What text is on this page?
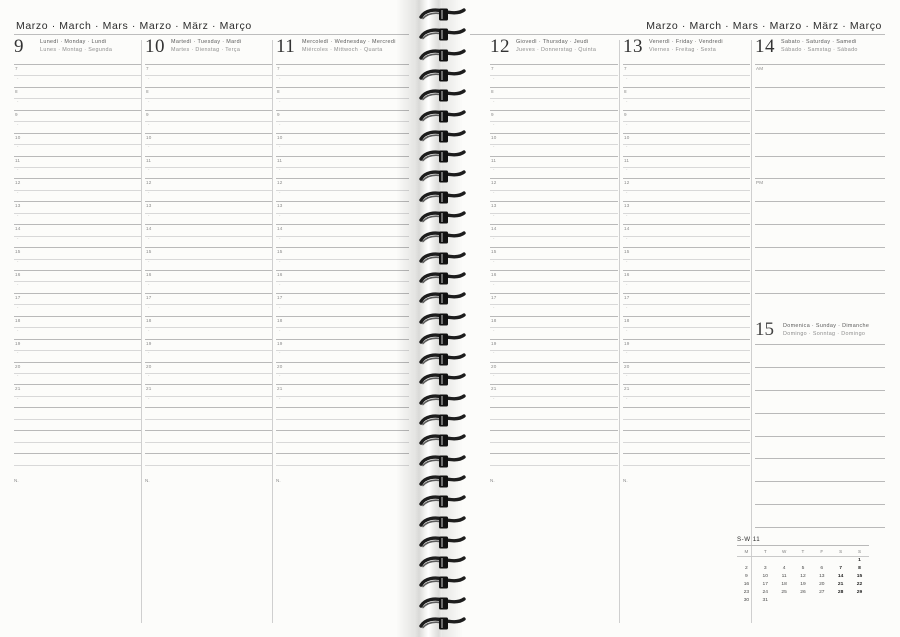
Marzo · March · Mars · Marzo · März · Março	Marzo · March · Mars · Marzo · März · Março
9	Lunedì · Monday · Lundi
Lunes · Montag · Segunda
7
·
8
·
9
·
10
·
11
·
12
·
13
·
14
·
15
·
16
·
17
·
18
·
19
·
20
·
21
·
N.
10 Martedì · Tuesday · Mardi
Martes · Dienstag · Terça
7
·
8
·
9
·
10
·
11
·
12
·
13
·
14
·
15
·
16
·
17
·
18
·
19
·
20
·
21
·
N.
11 Mercoledì · Wednesday · Mercredi
Miércoles · Mittwoch · Quarta
7
·
8
·
9
·
10
·
11
·
12
·
13
·
14
·
15
·
16
·
17
·
18
·
19
·
20
·
21
·
N.
12 Giovedì · Thursday · Jeudi
Jueves · Donnerstag · Quinta
7
·
8
·
9
·
10
·
11
·
12
·
13
·
14
·
15
·
16
·
17
·
18
·
19
·
20
·
21
·
N.
13 Venerdì · Friday · Vendredi
Viernes · Freitag · Sexta
7
·
8
·
9
·
10
·
11
·
12
·
13
·
14
·
15
·
16
·
17
·
18
·
19
·
20
·
21
·
N.
14 Sabato · Saturday · Samedi
Sábado · Samstag · Sábado
AM
PM
15 Domenica · Sunday · Dimanche
Domingo · Sonntag · Domingo
S-W 11
M	T	W	T	F	S	S
						1
2	3	4	5	6	7	8
9	10	11	12	13	14	15
16	17	18	19	20	21	22
23	24	25	26	27	28	29
30	31					
